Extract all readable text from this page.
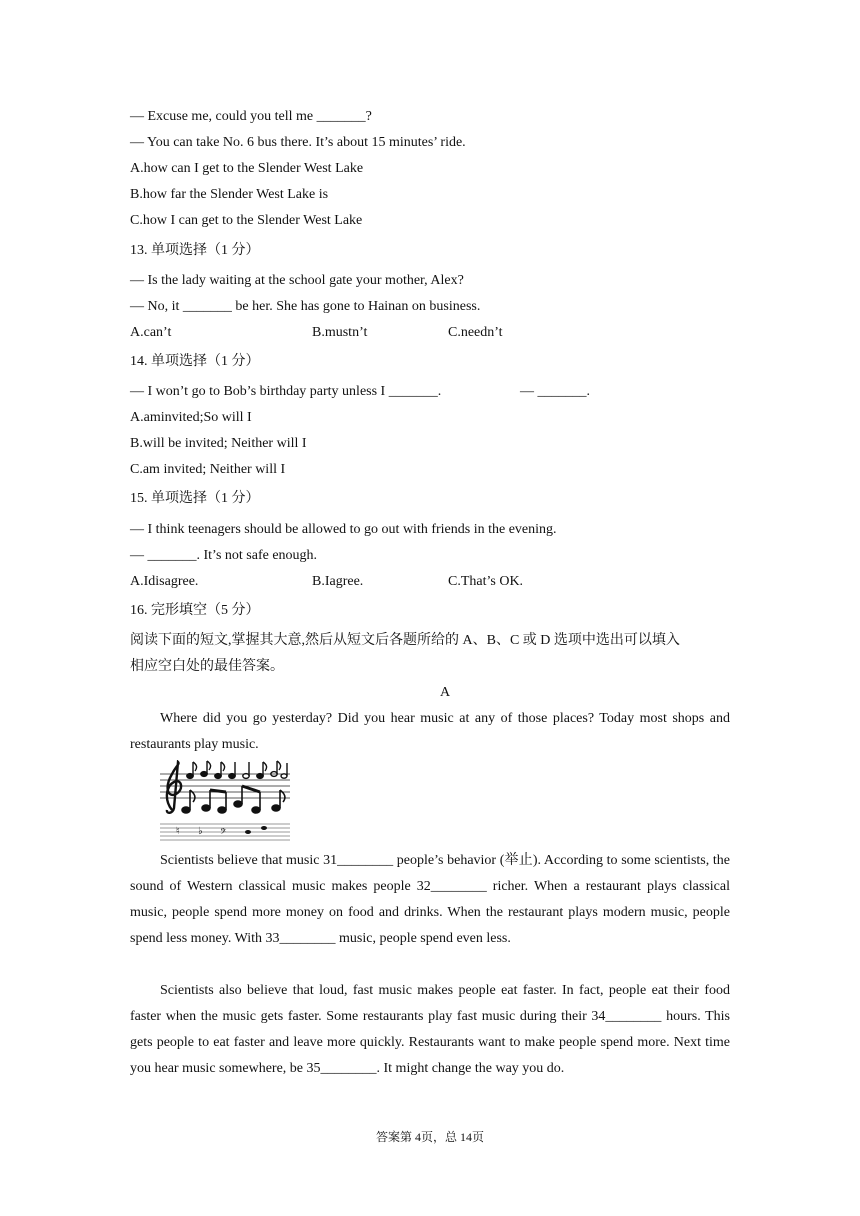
— Excuse me, could you tell me _______?
— You can take No. 6 bus there. It’s about 15 minutes’ ride.
A.how can I get to the Slender West Lake
B.how far the Slender West Lake is
C.how I can get to the Slender West Lake
13. 单项选择（1 分）
— Is the lady waiting at the school gate your mother, Alex?
— No, it _______ be her. She has gone to Hainan on business.
A.can’t	B.mustn’t	C.needn’t
14. 单项选择（1 分）
— I won’t go to Bob’s birthday party unless I _______.	— _______.
A.aminvited;So will I
B.will be invited; Neither will I
C.am invited; Neither will I
15. 单项选择（1 分）
— I think teenagers should be allowed to go out with friends in the evening.
— _______. It’s not safe enough.
A.Idisagree.	B.Iagree.	C.That’s OK.
16. 完形填空（5 分）
阅读下面的短文,掌握其大意,然后从短文后各题所给的 A、B、C 或 D 选项中选出可以填入
相应空白处的最佳答案。
A
Where did you go yesterday? Did you hear music at any of those places? Today most shops and restaurants play music.
♮ ♭ 𝄢
Scientists believe that music 31________ people’s behavior (举止). According to some scientists, the sound of Western classical music makes people 32________ richer. When a restaurant plays classical music, people spend more money on food and drinks. When the restaurant plays modern music, people spend less money. With 33________ music, people spend even less.
Scientists also believe that loud, fast music makes people eat faster. In fact, people eat their food faster when the music gets faster. Some restaurants play fast music during their 34________ hours. This gets people to eat faster and leave more quickly. Restaurants want to make people spend more. Next time you hear music somewhere, be 35________. It might change the way you do.
答案第 4页，总 14页
